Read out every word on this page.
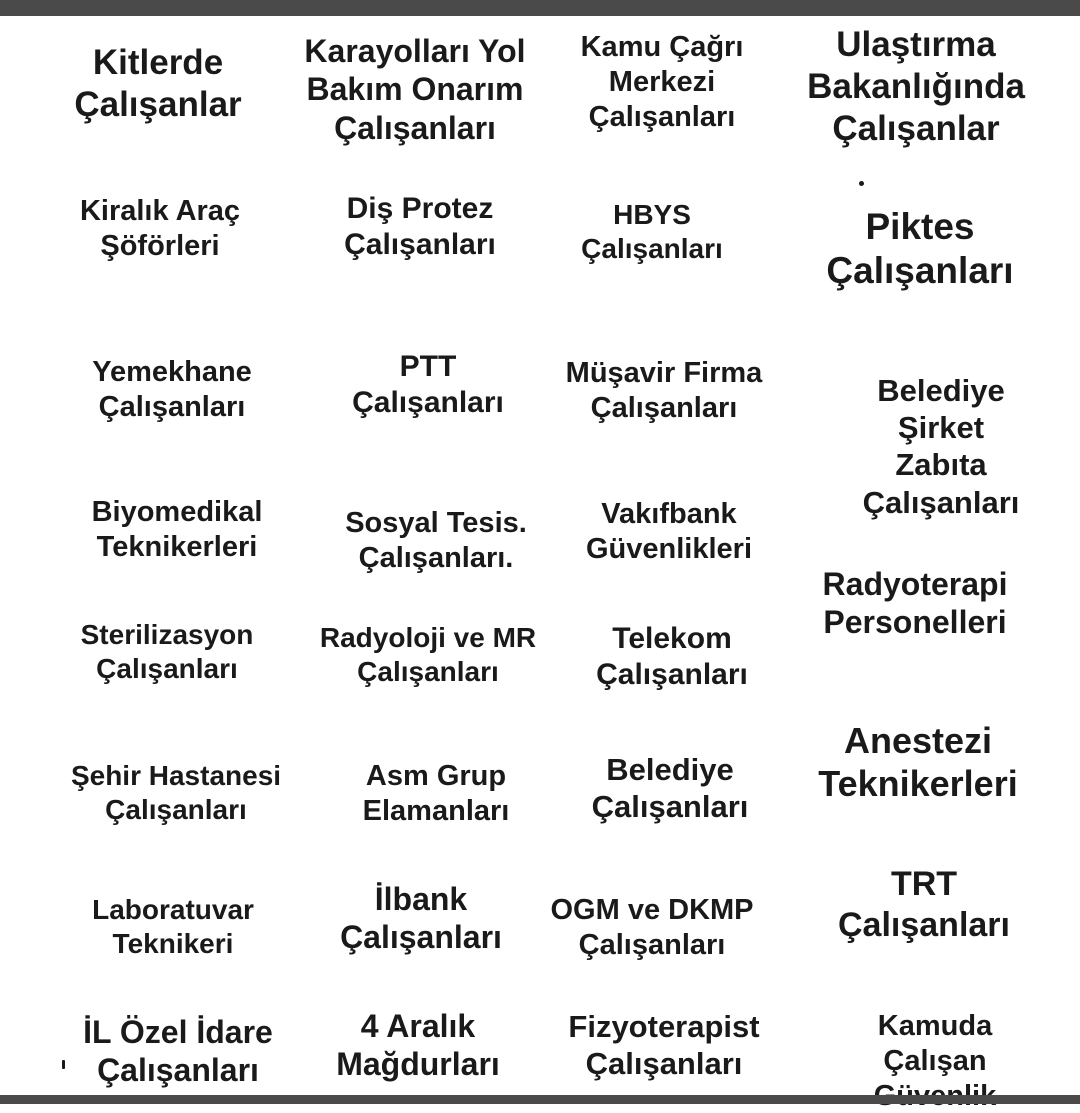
Kitlerde
Çalışanlar
Karayolları Yol
Bakım Onarım
Çalışanları
Kamu Çağrı
Merkezi
Çalışanları
Ulaştırma
Bakanlığında
Çalışanlar
Kiralık Araç
Şöförleri
Diş Protez
Çalışanları
HBYS
Çalışanları
Piktes
Çalışanları
Yemekhane
Çalışanları
PTT
Çalışanları
Müşavir Firma
Çalışanları	Belediye Şirket
Zabıta
Çalışanları
Biyomedikal
Teknikerleri
Sosyal Tesis.
Çalışanları.
Vakıfbank
Güvenlikleri
Radyoterapi
Personelleri
Sterilizasyon
Çalışanları
Radyoloji ve MR
Çalışanları
Telekom
Çalışanları
Şehir Hastanesi
Çalışanları
Asm Grup
Elamanları
Belediye
Çalışanları
Anestezi
Teknikerleri
Laboratuvar
Teknikeri
İlbank
Çalışanları
OGM ve DKMP
Çalışanları
TRT
Çalışanları
İL Özel İdare
Çalışanları
4 Aralık
Mağdurları
Fizyoterapist
Çalışanları
Kamuda Çalışan
